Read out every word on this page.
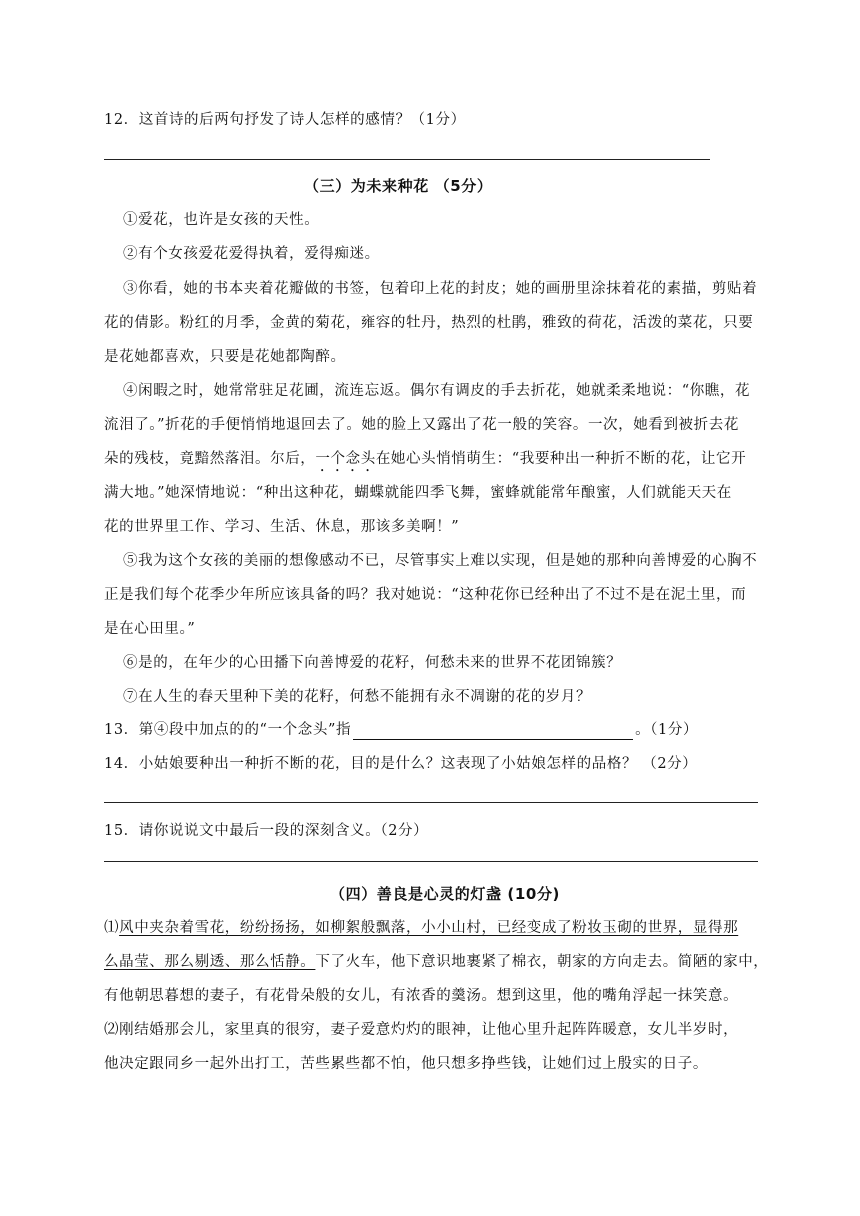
12．这首诗的后两句抒发了诗人怎样的感情？（1分）
（三）为未来种花 （5分）
①爱花，也许是女孩的天性。
②有个女孩爱花爱得执着，爱得痴迷。
③你看，她的书本夹着花瓣做的书签，包着印上花的封皮；她的画册里涂抹着花的素描，剪贴着
花的倩影。粉红的月季，金黄的菊花，雍容的牡丹，热烈的杜鹃，雅致的荷花，活泼的菜花，只要
是花她都喜欢，只要是花她都陶醉。
④闲暇之时，她常常驻足花圃，流连忘返。偶尔有调皮的手去折花，她就柔柔地说：“你瞧，花
流泪了。”折花的手便悄悄地退回去了。她的脸上又露出了花一般的笑容。一次，她看到被折去花
朵的残枝，竟黯然落泪。尔后，一个念头在她心头悄悄萌生：“我要种出一种折不断的花，让它开
满大地。”她深情地说：“种出这种花，蝴蝶就能四季飞舞，蜜蜂就能常年酿蜜，人们就能天天在
花的世界里工作、学习、生活、休息，那该多美啊！”
⑤我为这个女孩的美丽的想像感动不已，尽管事实上难以实现，但是她的那种向善博爱的心胸不
正是我们每个花季少年所应该具备的吗？我对她说：“这种花你已经种出了不过不是在泥土里，而
是在心田里。”
⑥是的，在年少的心田播下向善博爱的花籽，何愁未来的世界不花团锦簇？
⑦在人生的春天里种下美的花籽，何愁不能拥有永不凋谢的花的岁月？
13．第④段中加点的的“一个念头”指	。（1分）
14．小姑娘要种出一种折不断的花，目的是什么？这表现了小姑娘怎样的品格？ （2分）
15．请你说说文中最后一段的深刻含义。（2分）
（四）善良是心灵的灯盏 (10分)
⑴风中夹杂着雪花，纷纷扬扬，如柳絮般飘落，小小山村，已经变成了粉妆玉砌的世界，显得那
么晶莹、那么剔透、那么恬静。下了火车，他下意识地裹紧了棉衣，朝家的方向走去。简陋的家中，
有他朝思暮想的妻子，有花骨朵般的女儿，有浓香的羹汤。想到这里，他的嘴角浮起一抹笑意。
⑵刚结婚那会儿，家里真的很穷，妻子爱意灼灼的眼神，让他心里升起阵阵暖意，女儿半岁时，
他决定跟同乡一起外出打工，苦些累些都不怕，他只想多挣些钱，让她们过上殷实的日子。
